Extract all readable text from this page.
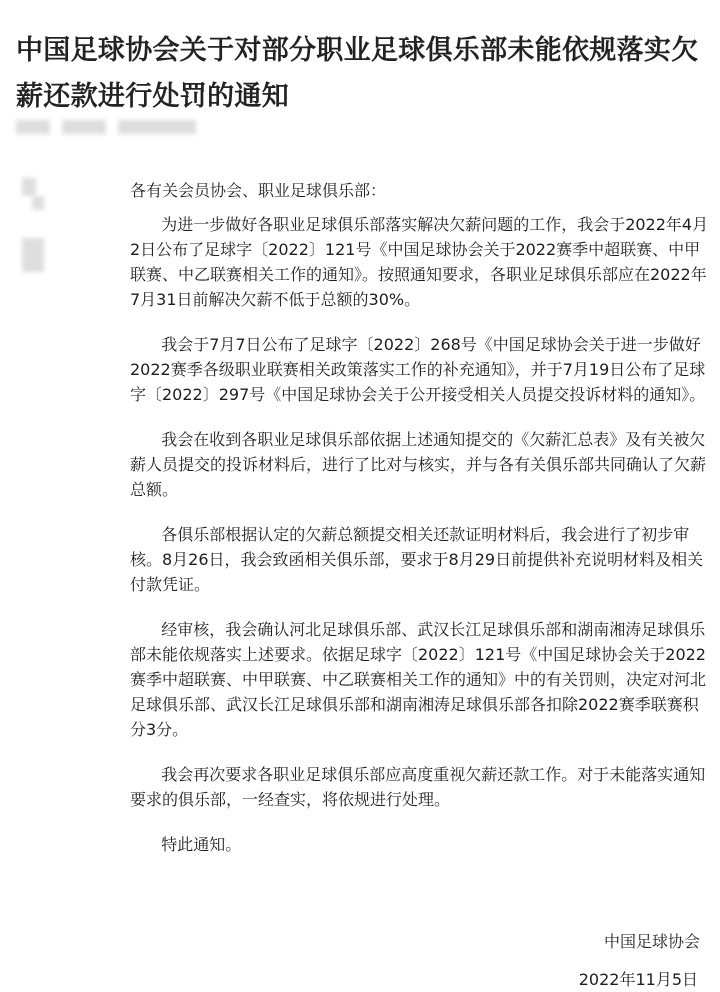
中国足球协会关于对部分职业足球俱乐部未能依规落实欠薪还款进行处罚的通知

各有关会员协会、职业足球俱乐部：

为进一步做好各职业足球俱乐部落实解决欠薪问题的工作，我会于2022年4月2日公布了足球字〔2022〕121号《中国足球协会关于2022赛季中超联赛、中甲联赛、中乙联赛相关工作的通知》。按照通知要求，各职业足球俱乐部应在2022年7月31日前解决欠薪不低于总额的30%。

我会于7月7日公布了足球字〔2022〕268号《中国足球协会关于进一步做好2022赛季各级职业联赛相关政策落实工作的补充通知》，并于7月19日公布了足球字〔2022〕297号《中国足球协会关于公开接受相关人员提交投诉材料的通知》。

我会在收到各职业足球俱乐部依据上述通知提交的《欠薪汇总表》及有关被欠薪人员提交的投诉材料后，进行了比对与核实，并与各有关俱乐部共同确认了欠薪总额。

各俱乐部根据认定的欠薪总额提交相关还款证明材料后，我会进行了初步审核。8月26日，我会致函相关俱乐部，要求于8月29日前提供补充说明材料及相关付款凭证。

经审核，我会确认河北足球俱乐部、武汉长江足球俱乐部和湖南湘涛足球俱乐部未能依规落实上述要求。依据足球字〔2022〕121号《中国足球协会关于2022赛季中超联赛、中甲联赛、中乙联赛相关工作的通知》中的有关罚则，决定对河北足球俱乐部、武汉长江足球俱乐部和湖南湘涛足球俱乐部各扣除2022赛季联赛积分3分。

我会再次要求各职业足球俱乐部应高度重视欠薪还款工作。对于未能落实通知要求的俱乐部，一经查实，将依规进行处理。

特此通知。

中国足球协会
2022年11月5日
